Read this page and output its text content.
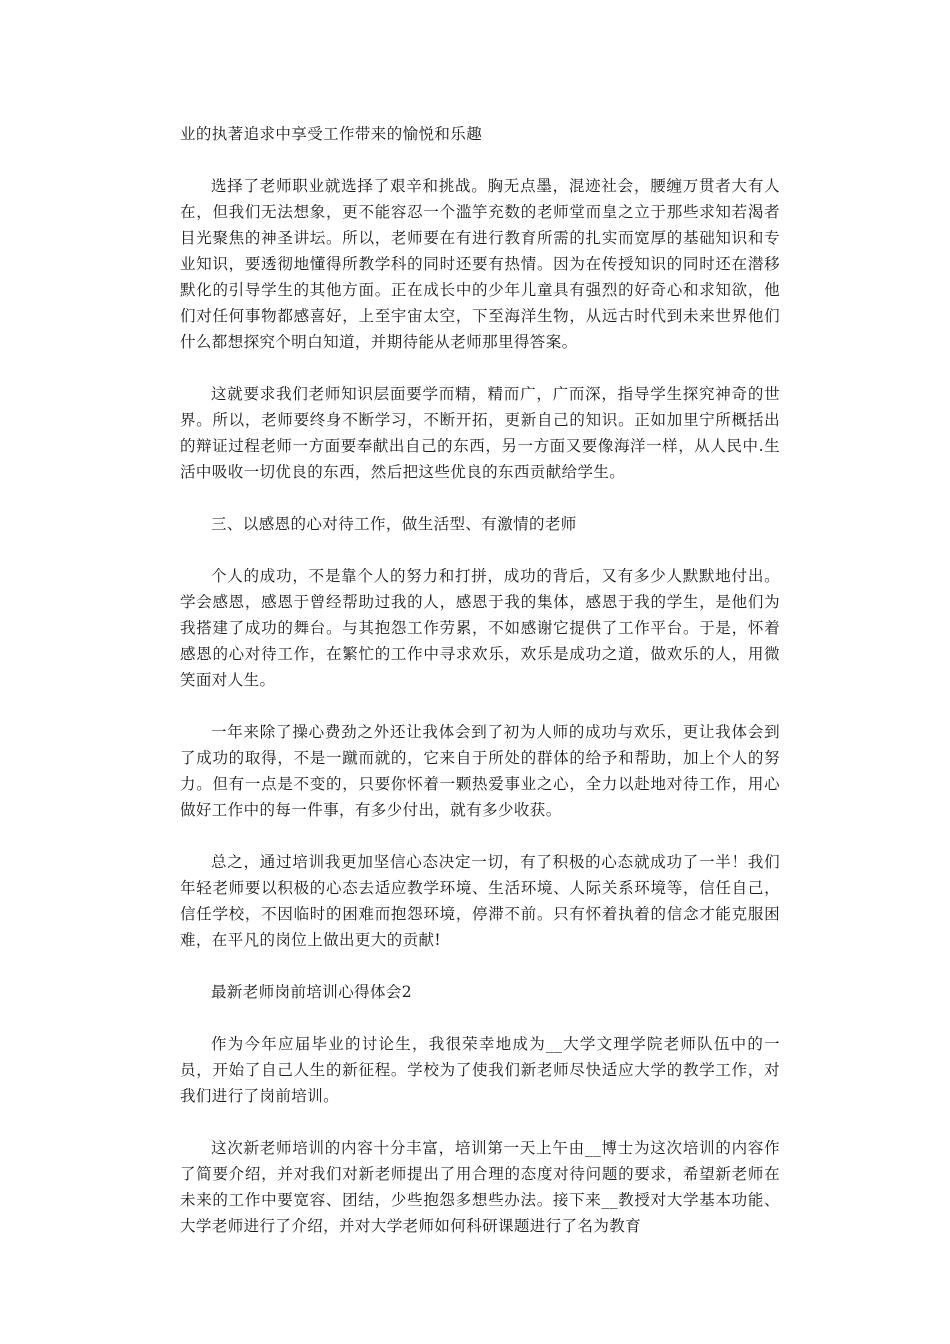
业的执著追求中享受工作带来的愉悦和乐趣

选择了老师职业就选择了艰辛和挑战。胸无点墨，混迹社会，腰缠万贯者大有人在，但我们无法想象，更不能容忍一个滥竽充数的老师堂而皇之立于那些求知若渴者目光聚焦的神圣讲坛。所以，老师要在有进行教育所需的扎实而宽厚的基础知识和专业知识，要透彻地懂得所教学科的同时还要有热情。因为在传授知识的同时还在潜移默化的引导学生的其他方面。正在成长中的少年儿童具有强烈的好奇心和求知欲，他们对任何事物都感喜好，上至宇宙太空，下至海洋生物，从远古时代到未来世界他们什么都想探究个明白知道，并期待能从老师那里得答案。

这就要求我们老师知识层面要学而精，精而广，广而深，指导学生探究神奇的世界。所以，老师要终身不断学习，不断开拓，更新自己的知识。正如加里宁所概括出的辩证过程老师一方面要奉献出自己的东西，另一方面又要像海洋一样，从人民中.生活中吸收一切优良的东西，然后把这些优良的东西贡献给学生。

三、以感恩的心对待工作，做生活型、有激情的老师

个人的成功，不是靠个人的努力和打拼，成功的背后，又有多少人默默地付出。学会感恩，感恩于曾经帮助过我的人，感恩于我的集体，感恩于我的学生，是他们为我搭建了成功的舞台。与其抱怨工作劳累，不如感谢它提供了工作平台。于是，怀着感恩的心对待工作，在繁忙的工作中寻求欢乐，欢乐是成功之道，做欢乐的人，用微笑面对人生。

一年来除了操心费劲之外还让我体会到了初为人师的成功与欢乐，更让我体会到了成功的取得，不是一蹴而就的，它来自于所处的群体的给予和帮助，加上个人的努力。但有一点是不变的，只要你怀着一颗热爱事业之心，全力以赴地对待工作，用心做好工作中的每一件事，有多少付出，就有多少收获。

总之，通过培训我更加坚信心态决定一切，有了积极的心态就成功了一半！我们年轻老师要以积极的心态去适应教学环境、生活环境、人际关系环境等，信任自己，信任学校，不因临时的困难而抱怨环境，停滞不前。只有怀着执着的信念才能克服困难，在平凡的岗位上做出更大的贡献!

最新老师岗前培训心得体会2

作为今年应届毕业的讨论生，我很荣幸地成为__大学文理学院老师队伍中的一员，开始了自己人生的新征程。学校为了使我们新老师尽快适应大学的教学工作，对我们进行了岗前培训。

这次新老师培训的内容十分丰富，培训第一天上午由__博士为这次培训的内容作了简要介绍，并对我们对新老师提出了用合理的态度对待问题的要求，希望新老师在未来的工作中要宽容、团结，少些抱怨多想些办法。接下来__教授对大学基本功能、大学老师进行了介绍，并对大学老师如何科研课题进行了名为教育
